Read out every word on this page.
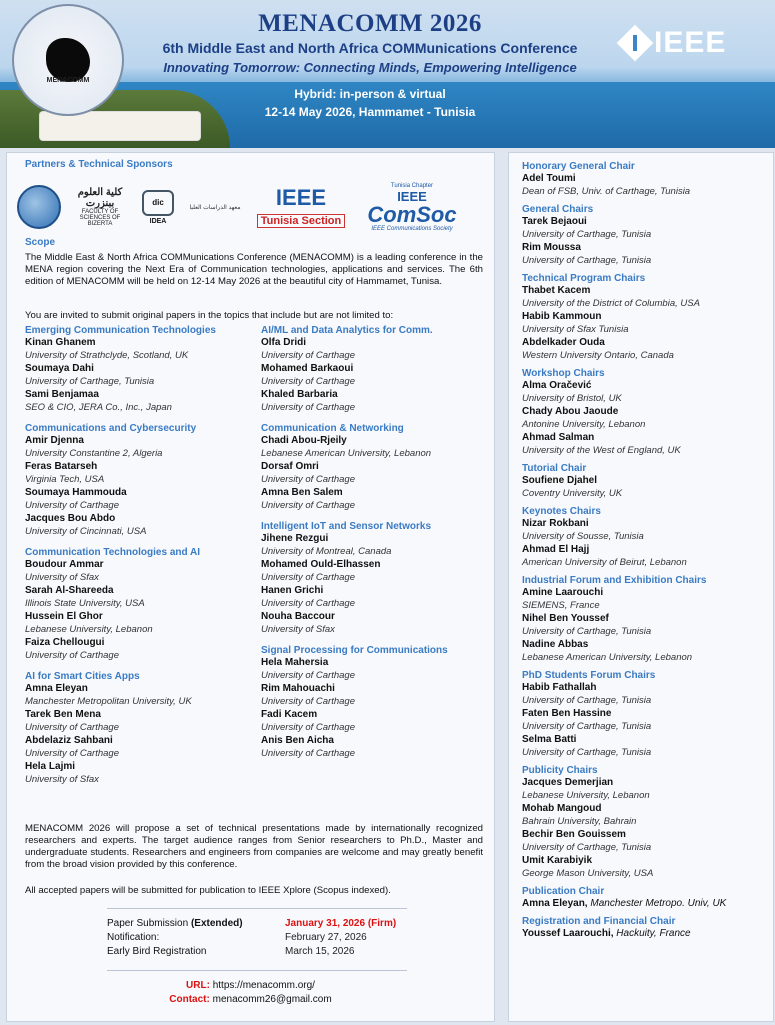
MENACOMM
MENACOMM 2026
6th Middle East and North Africa COMMunications Conference
Innovating Tomorrow: Connecting Minds, Empowering Intelligence
Hybrid: in-person & virtual
12-14 May 2026, Hammamet - Tunisia
IEEE
Partners & Technical Sponsors
كلية العلوم ببنزرت
FACULTY OF SCIENCES OF BIZERTA
dic
IDEA
معهد الدراسات العليا	IEEE
Tunisia Section
Tunisia Chapter
IEEE
ComSoc
IEEE Communications Society
Scope
The Middle East & North Africa COMMunications Conference (MENACOMM) is a leading conference in the MENA region covering the Next Era of Communication technologies, applications and services. The 6th edition of MENACOMM will be held on 12-14 May 2026 at the beautiful city of Hammamet, Tunisa.
You are invited to submit original papers in the topics that include but are not limited to:
Emerging Communication Technologies
Kinan Ghanem
University of Strathclyde, Scotland, UK
Soumaya Dahi
University of Carthage, Tunisia
Sami Benjamaa
SEO & CIO, JERA Co., Inc., Japan
Communications and Cybersecurity
Amir Djenna
University Constantine 2, Algeria
Feras Batarseh
Virginia Tech, USA
Soumaya Hammouda
University of Carthage
Jacques Bou Abdo
University of Cincinnati, USA
Communication Technologies and AI
Boudour Ammar
University of Sfax
Sarah Al-Shareeda
Illinois State University, USA
Hussein El Ghor
Lebanese University, Lebanon
Faiza Chellougui
University of Carthage
AI for Smart Cities Apps
Amna Eleyan
Manchester Metropolitan University, UK
Tarek Ben Mena
University of Carthage
Abdelaziz Sahbani
University of Carthage
Hela Lajmi
University of Sfax
AI/ML and Data Analytics for Comm.
Olfa Dridi
University of Carthage
Mohamed Barkaoui
University of Carthage
Khaled Barbaria
University of Carthage
Communication & Networking
Chadi Abou-Rjeily
Lebanese American University, Lebanon
Dorsaf Omri
University of Carthage
Amna Ben Salem
University of Carthage
Intelligent IoT and Sensor Networks
Jihene Rezgui
University of Montreal, Canada
Mohamed Ould-Elhassen
University of Carthage
Hanen Grichi
University of Carthage
Nouha Baccour
University of Sfax
Signal Processing for Communications
Hela Mahersia
University of Carthage
Rim Mahouachi
University of Carthage
Fadi Kacem
University of Carthage
Anis Ben Aicha
University of Carthage
MENACOMM 2026 will propose a set of technical presentations made by internationally recognized researchers and experts. The target audience ranges from Senior researchers to Ph.D., Master and undergraduate students. Researchers and engineers from companies are welcome and may greatly benefit from the broad vision provided by this conference.
All accepted papers will be submitted for publication to IEEE Xplore (Scopus indexed).
Paper Submission (Extended)	January 31, 2026 (Firm)
Notification:	February 27, 2026
Early Bird Registration	March 15, 2026
URL: https://menacomm.org/
Contact: menacomm26@gmail.com
Honorary General Chair
Adel Toumi
Dean of FSB, Univ. of Carthage, Tunisia
General Chairs
Tarek Bejaoui
University of Carthage, Tunisia
Rim Moussa
University of Carthage, Tunisia
Technical Program Chairs
Thabet Kacem
University of the District of Columbia, USA
Habib Kammoun
University of Sfax Tunisia
Abdelkader Ouda
Western University Ontario, Canada
Workshop Chairs
Alma Oračević
University of Bristol, UK
Chady Abou Jaoude
Antonine University, Lebanon
Ahmad Salman
University of the West of England, UK
Tutorial Chair
Soufiene Djahel
Coventry University, UK
Keynotes Chairs
Nizar Rokbani
University of Sousse, Tunisia
Ahmad El Hajj
American University of Beirut, Lebanon
Industrial Forum and Exhibition Chairs
Amine Laarouchi
SIEMENS, France
Nihel Ben Youssef
University of Carthage, Tunisia
Nadine Abbas
Lebanese American University, Lebanon
PhD Students Forum Chairs
Habib Fathallah
University of Carthage, Tunisia
Faten Ben Hassine
University of Carthage, Tunisia
Selma Batti
University of Carthage, Tunisia
Publicity Chairs
Jacques Demerjian
Lebanese University, Lebanon
Mohab Mangoud
Bahrain University, Bahrain
Bechir Ben Gouissem
University of Carthage, Tunisia
Umit Karabiyik
George Mason University, USA
Publication Chair
Amna Eleyan, Manchester Metropo. Univ, UK
Registration and Financial Chair
Youssef Laarouchi, Hackuity, France
